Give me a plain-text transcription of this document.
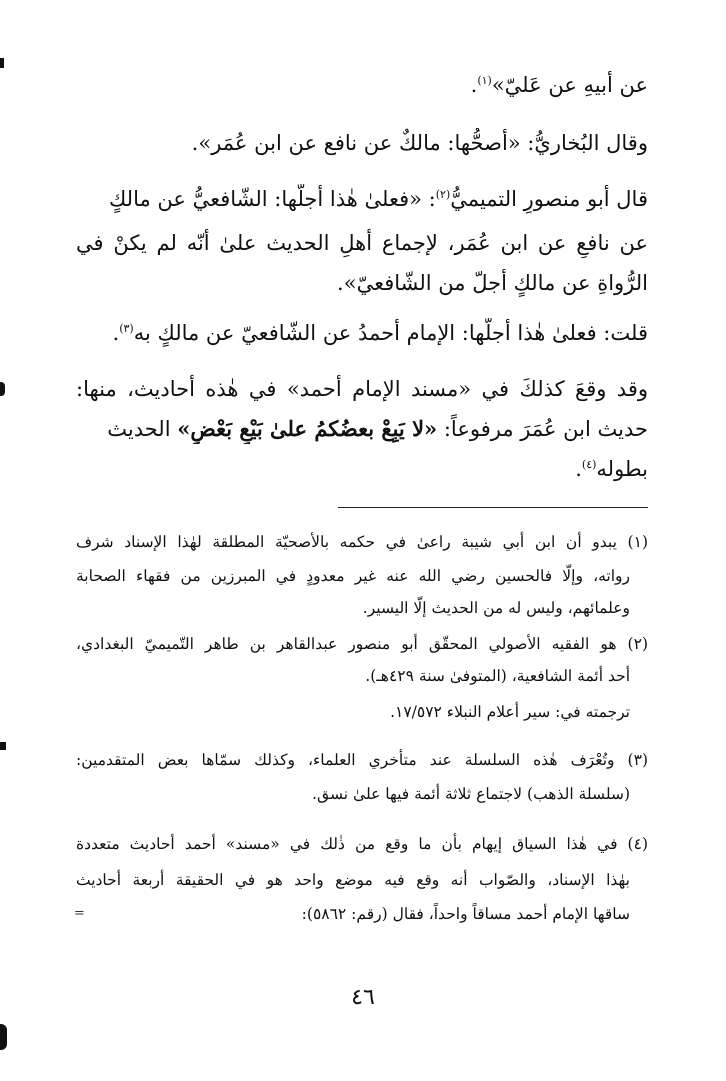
عن أبيهِ عن عَليّ»$^{(١)}$.
وقال البُخاريُّ: «أصحُّها: مالكٌ عن نافع عن ابن عُمَر».
قال أبو منصورٍ التميميُّ$^{(٢)}$: «فعلىٰ هٰذا أجلُّها: الشّافعيُّ عن مالكٍ
عن نافعٍ عن ابن عُمَر، لإجماع أهلِ الحديث علىٰ أنّه لم يكنْ في
الرُّواةِ عن مالكٍ أجلّ من الشّافعيّ».
قلت: فعلىٰ هٰذا أجلّها: الإمام أحمدُ عن الشّافعيّ عن مالكٍ به$^{(٣)}$.
وقد وقعَ كذلكَ في «مسند الإمام أحمد» في هٰذه أحاديث، منها:
حديث ابن عُمَرَ مرفوعاً: «لا يَبِعْ بعضُكمُ علىٰ بَيْعِ بَعْضٍ» الحديث
بطوله$^{(٤)}$.
(١) يبدو أن ابن أبي شيبة راعىٰ في حكمه بالأصحيّة المطلقة لهٰذا الإسناد شرف
رواته، وإلّا فالحسين رضي الله عنه غير معدودٍ في المبرزين من فقهاء الصحابة
وعلمائهم، وليس له من الحديث إلّا اليسير.
(٢) هو الفقيه الأصولي المحقّق أبو منصور عبدالقاهر بن طاهر التّميميّ البغدادي،
أحد أئمة الشافعية، (المتوفىٰ سنة ٤٢٩هـ).
ترجمته في: سير أعلام النبلاء ١٧/٥٧٢.
(٣) وتُعْرَف هٰذه السلسلة عند متأخري العلماء، وكذلك سمّاها بعض المتقدمين:
(سلسلة الذهب) لاجتماع ثلاثة أئمة فيها علىٰ نسق.
(٤) في هٰذا السياق إيهام بأن ما وقع من ذٰلك في «مسند» أحمد أحاديث متعددة
بهٰذا الإسناد، والصّواب أنه وقع فيه موضع واحد هو في الحقيقة أربعة أحاديث
ساقها الإمام أحمد مساقاً واحداً، فقال (رقم: ٥٨٦٢):
=
٤٦
